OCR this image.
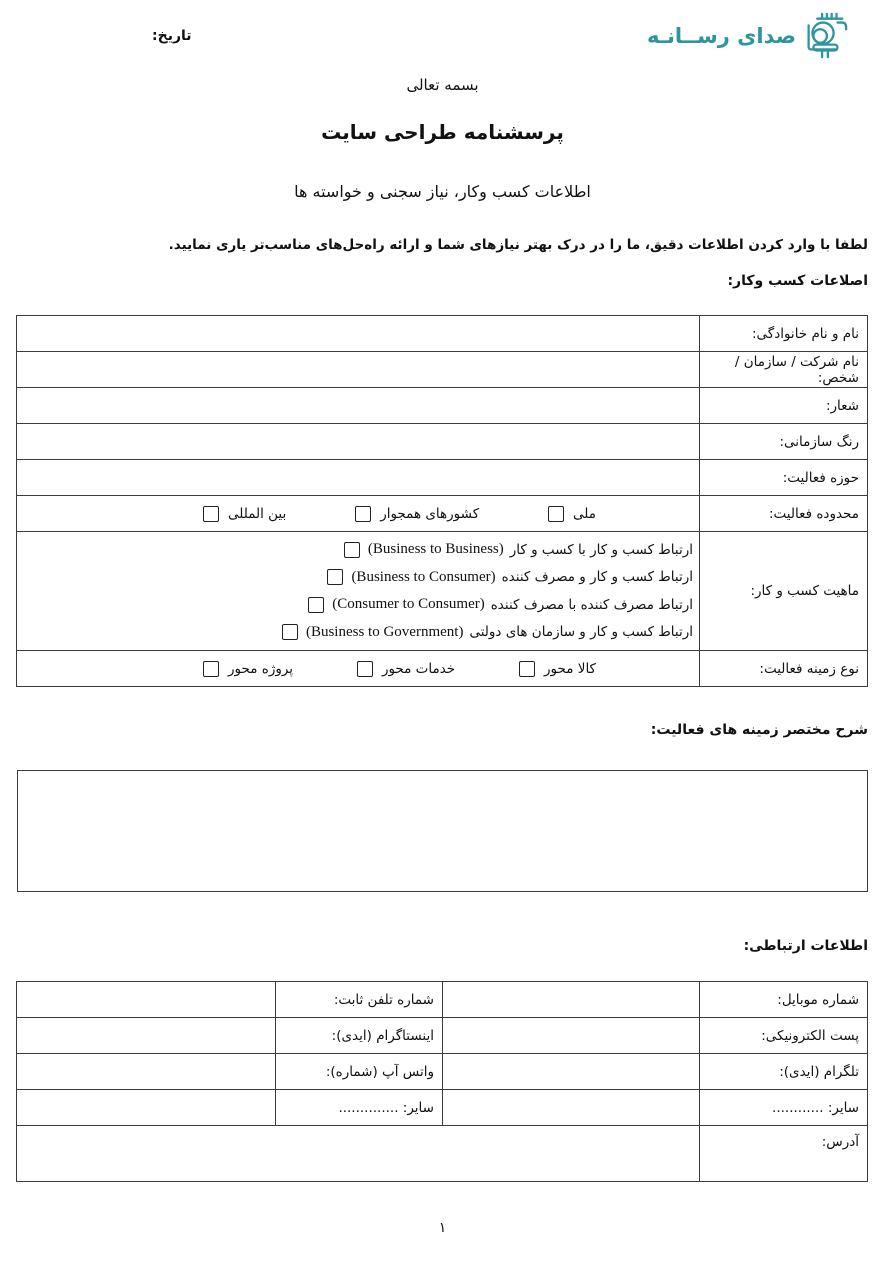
تاریخ:	صدای رســانـه
بسمه تعالی
پرسشنامه طراحی سایت
اطلاعات کسب وکار، نیاز سجنی و خواسته ها
لطفا با وارد کردن اطلاعات دقیق، ما را در درک بهتر نیازهای شما و ارائه راه‌حل‌های مناسب‌تر یاری نمایید.
اصلاعات کسب وکار:
نام و نام خانوادگی:	
نام شرکت / سازمان / شخص:	
شعار:	
رنگ سازمانی:	
حوزه فعالیت:	
محدوده فعالیت:	ملی
کشورهای همجوار
بین المللی

ماهیت کسب و کار:	
ارتباط کسب و کار با کسب و کار
(Business to Business)
ارتباط کسب و کار و مصرف کننده
(Business to Consumer)
ارتباط مصرف کننده با مصرف کننده
(Consumer to Consumer)
ارتباط کسب و کار و سازمان های دولتی
(Business to Government)

نوع زمینه فعالیت:	کالا محور
خدمات محور
پروژه محور
شرح مختصر زمینه های فعالیت:
اطلاعات ارتباطی:
شماره موبایل:		شماره تلفن ثابت:	
پست الکترونیکی:		اینستاگرام (ایدی):	
تلگرام (ایدی):		واتس آپ (شماره):	
سایر: ............		سایر: ..............	
آدرس:			
۱
